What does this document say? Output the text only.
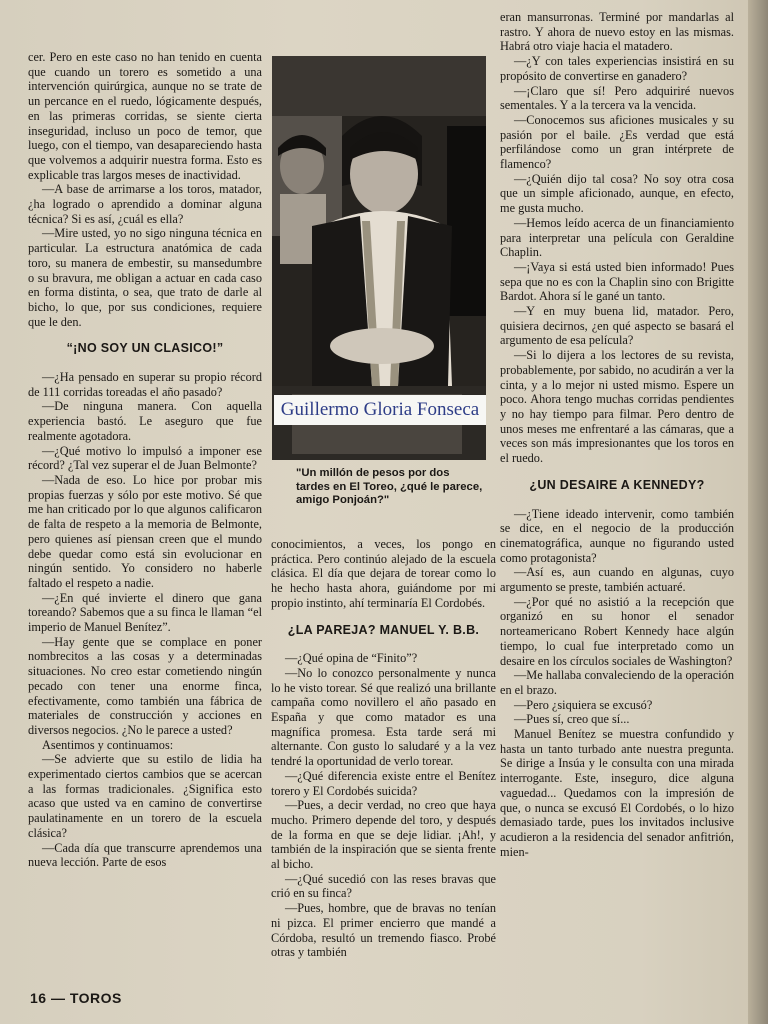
cer. Pero en este caso no han tenido en cuenta que cuando un torero es sometido a una intervención quirúrgica, aunque no se trate de un percance en el ruedo, lógicamente después, en las primeras corridas, se siente cierta inseguridad, incluso un poco de temor, que luego, con el tiempo, van desapareciendo hasta que volvemos a adquirir nuestra forma. Esto es explicable tras largos meses de inactividad.

—A base de arrimarse a los toros, matador, ¿ha logrado o aprendido a dominar alguna técnica? Si es así, ¿cuál es ella?

—Mire usted, yo no sigo ninguna técnica en particular. La estructura anatómica de cada toro, su manera de embestir, su mansedumbre o su bravura, me obligan a actuar en cada caso en forma distinta, o sea, que trato de darle al bicho, lo que, por sus condiciones, requiere que le den.

“¡NO SOY UN CLASICO!”

—¿Ha pensado en superar su propio récord de 111 corridas toreadas el año pasado?

—De ninguna manera. Con aquella experiencia bastó. Le aseguro que fue realmente agotadora.

—¿Qué motivo lo impulsó a imponer ese récord? ¿Tal vez superar el de Juan Belmonte?

—Nada de eso. Lo hice por probar mis propias fuerzas y sólo por este motivo. Sé que me han criticado por lo que algunos calificaron de falta de respeto a la memoria de Belmonte, pero quienes así piensan creen que el mundo debe quedar como está sin evolucionar en ningún sentido. Yo considero no haberle faltado el respeto a nadie.

—¿En qué invierte el dinero que gana toreando? Sabemos que a su finca le llaman “el imperio de Manuel Benítez”.

—Hay gente que se complace en poner nombrecitos a las cosas y a determinadas situaciones. No creo estar cometiendo ningún pecado con tener una enorme finca, efectivamente, como también una fábrica de materiales de construcción y acciones en diversos negocios. ¿No le parece a usted?

Asentimos y continuamos:

—Se advierte que su estilo de lidia ha experimentado ciertos cambios que se acercan a las formas tradicionales. ¿Significa esto acaso que usted va en camino de convertirse paulatinamente en un torero de la escuela clásica?

—Cada día que transcurre aprendemos una nueva lección. Parte de esos

Guillermo Gloria Fonseca
"Un millón de pesos por dos tardes en El Toreo, ¿qué le parece, amigo Ponjoán?"

conocimientos, a veces, los pongo en práctica. Pero continúo alejado de la escuela clásica. El día que dejara de torear como lo he hecho hasta ahora, guiándome por mi propio instinto, ahí terminaría El Cordobés.

¿LA PAREJA? MANUEL Y. B.B.

—¿Qué opina de “Finito”?

—No lo conozco personalmente y nunca lo he visto torear. Sé que realizó una brillante campaña como novillero el año pasado en España y que como matador es una magnífica promesa. Esta tarde será mi alternante. Con gusto lo saludaré y a la vez tendré la oportunidad de verlo torear.

—¿Qué diferencia existe entre el Benítez torero y El Cordobés suicida?

—Pues, a decir verdad, no creo que haya mucho. Primero depende del toro, y después de la forma en que se deje lidiar. ¡Ah!, y también de la inspiración que se sienta frente al bicho.

—¿Qué sucedió con las reses bravas que crió en su finca?

—Pues, hombre, que de bravas no tenían ni pizca. El primer encierro que mandé a Córdoba, resultó un tremendo fiasco. Probé otras y también

eran mansurronas. Terminé por mandarlas al rastro. Y ahora de nuevo estoy en las mismas. Habrá otro viaje hacia el matadero.

—¿Y con tales experiencias insistirá en su propósito de convertirse en ganadero?

—¡Claro que sí! Pero adquiriré nuevos sementales. Y a la tercera va la vencida.

—Conocemos sus aficiones musicales y su pasión por el baile. ¿Es verdad que está perfilándose como un gran intérprete de flamenco?

—¿Quién dijo tal cosa? No soy otra cosa que un simple aficionado, aunque, en efecto, me gusta mucho.

—Hemos leído acerca de un financiamiento para interpretar una película con Geraldine Chaplin.

—¡Vaya si está usted bien informado! Pues sepa que no es con la Chaplin sino con Brigitte Bardot. Ahora sí le gané un tanto.

—Y en muy buena lid, matador. Pero, quisiera decirnos, ¿en qué aspecto se basará el argumento de esa película?

—Si lo dijera a los lectores de su revista, probablemente, por sabido, no acudirán a ver la cinta, y a lo mejor ni usted mismo. Espere un poco. Ahora tengo muchas corridas pendientes y no hay tiempo para filmar. Pero dentro de unos meses me enfrentaré a las cámaras, que a veces son más impresionantes que los toros en el ruedo.

¿UN DESAIRE A KENNEDY?

—¿Tiene ideado intervenir, como también se dice, en el negocio de la producción cinematográfica, aunque no figurando usted como protagonista?

—Así es, aun cuando en algunas, cuyo argumento se preste, también actuaré.

—¿Por qué no asistió a la recepción que organizó en su honor el senador norteamericano Robert Kennedy hace algún tiempo, lo cual fue interpretado como un desaire en los círculos sociales de Washington?

—Me hallaba convaleciendo de la operación en el brazo.

—Pero ¿siquiera se excusó?

—Pues sí, creo que sí...

Manuel Benítez se muestra confundido y hasta un tanto turbado ante nuestra pregunta. Se dirige a Insúa y le consulta con una mirada interrogante. Este, inseguro, dice alguna vaguedad... Quedamos con la impresión de que, o nunca se excusó El Cordobés, o lo hizo demasiado tarde, pues los invitados inclusive acudieron a la residencia del senador anfitrión, mien-

16 — TOROS
